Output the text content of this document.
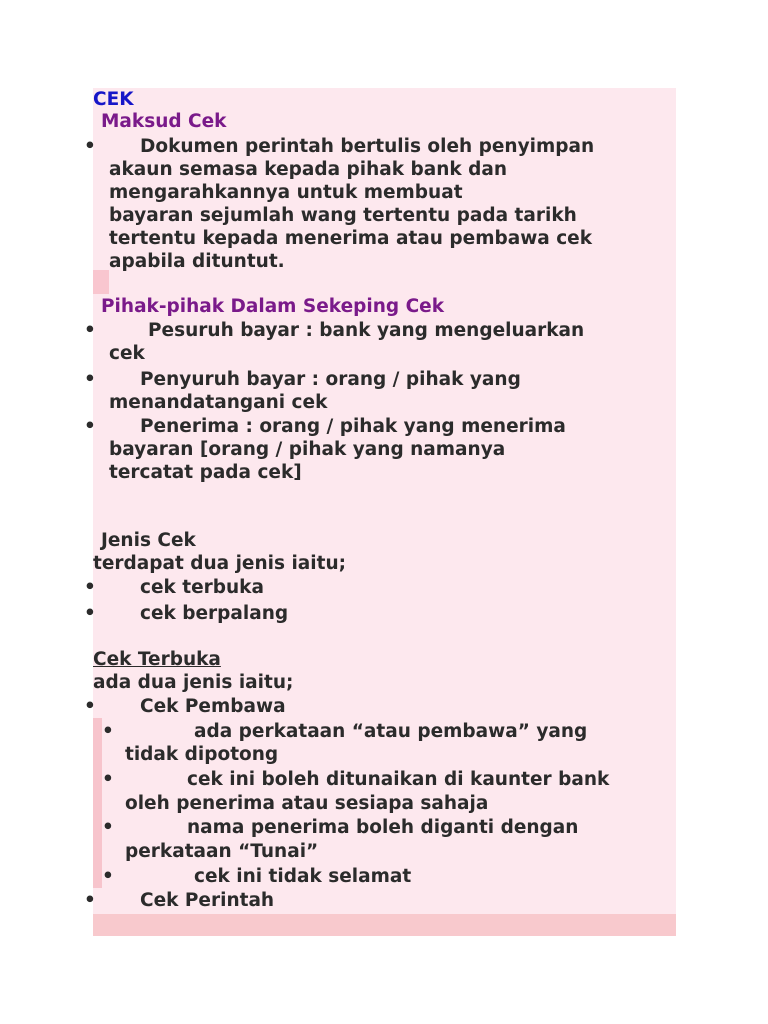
CEK
Maksud Cek
• Dokumen perintah bertulis oleh penyimpan
akaun semasa kepada pihak bank dan
mengarahkannya untuk membuat
bayaran sejumlah wang tertentu pada tarikh
tertentu kepada menerima atau pembawa cek
apabila dituntut.
Pihak-pihak Dalam Sekeping Cek
•	Pesuruh bayar : bank yang mengeluarkan
cek
• Penyuruh bayar : orang / pihak yang
menandatangani cek
• Penerima : orang / pihak yang menerima
bayaran [orang / pihak yang namanya
tercatat pada cek]
Jenis Cek
terdapat dua jenis iaitu;
• cek terbuka
• cek berpalang
Cek Terbuka
ada dua jenis iaitu;
• Cek Pembawa
•	ada perkataan “atau pembawa” yang
tidak dipotong
•	cek ini boleh ditunaikan di kaunter bank
oleh penerima atau sesiapa sahaja
•	nama penerima boleh diganti dengan
perkataan “Tunai”
•	cek ini tidak selamat
• Cek Perintah
